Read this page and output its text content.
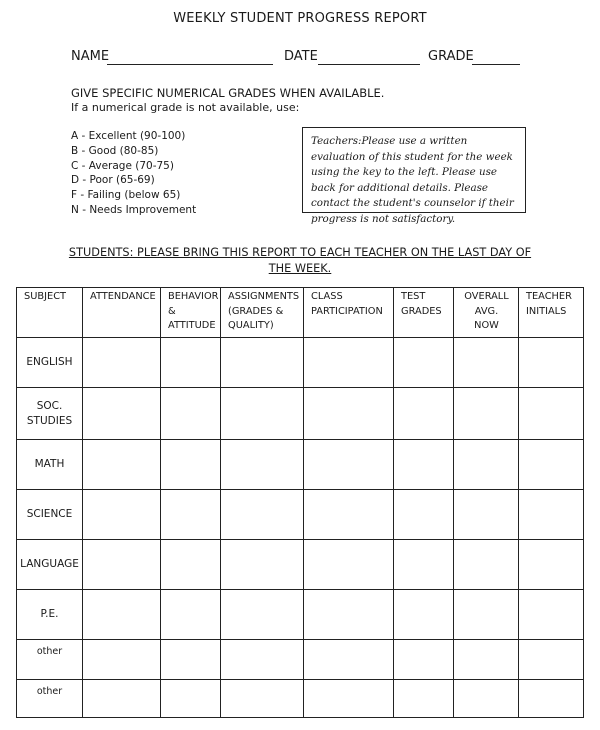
WEEKLY STUDENT PROGRESS REPORT
NAME	DATE	GRADE
GIVE SPECIFIC NUMERICAL GRADES WHEN AVAILABLE.
If a numerical grade is not available, use:
A - Excellent (90-100)
B - Good (80-85)
C - Average (70-75)
D - Poor (65-69)
F - Failing (below 65)
N - Needs Improvement
Teachers:Please use a written evaluation of this student for the week using the key to the left. Please use back for additional details. Please contact the student's counselor if their progress is not satisfactory.
STUDENTS: PLEASE BRING THIS REPORT TO EACH TEACHER ON THE LAST DAY OF
THE WEEK.
SUBJECT	ATTENDANCE	BEHAVIOR & ATTITUDE	ASSIGNMENTS (GRADES & QUALITY)	CLASS PARTICIPATION	TEST GRADES	OVERALL AVG. NOW	TEACHER INITIALS
ENGLISH							
SOC. STUDIES							
MATH							
SCIENCE							
LANGUAGE							
P.E.							
other							
other							
